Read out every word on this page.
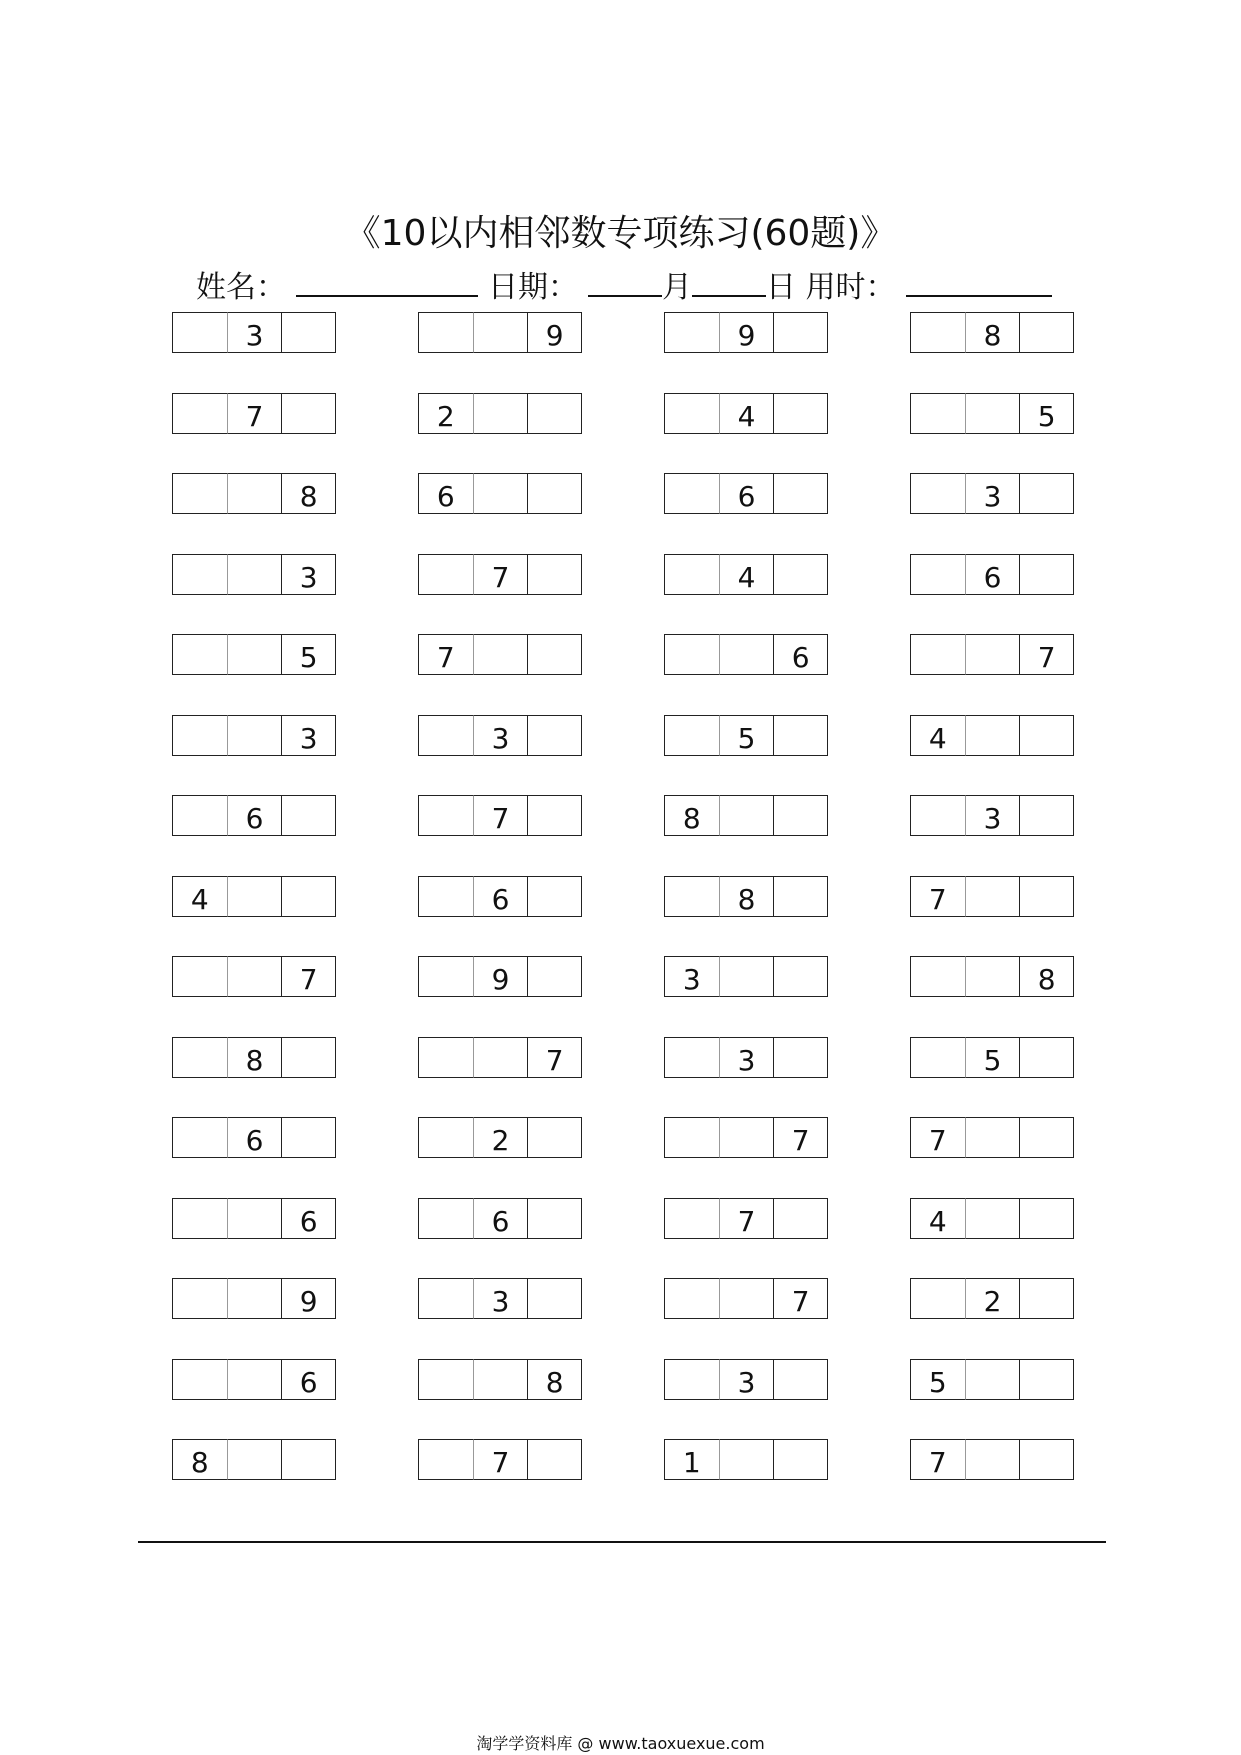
《10以内相邻数专项练习(60题)》
姓名：	日期：	月 日 用时：
3	9	9	8
7	2	4	5
8	6	6	3
3	7	4	6
5	7	6	7
3	3	5	4
6	7	8	3
4	6	8	7
7	9	3	8
8	7	3	5
6	2	7	7
6	6	7	4
9	3	7	2
6	8	3	5
8	7	1	7
淘学学资料库 @ www.taoxuexue.com
